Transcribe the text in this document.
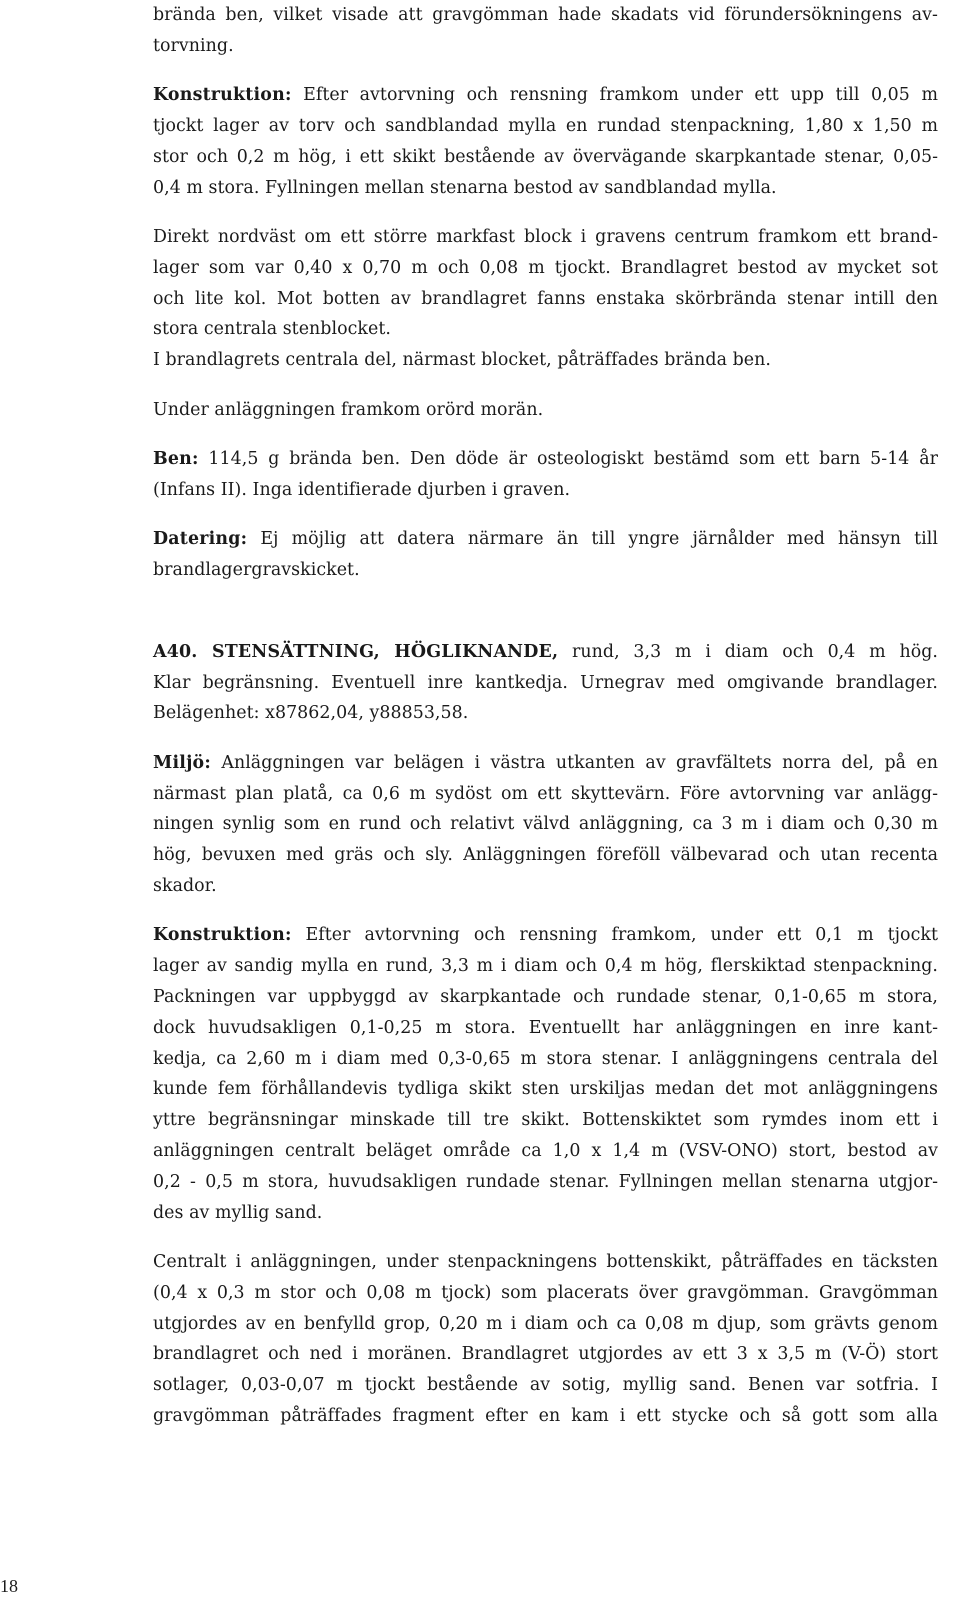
brända ben, vilket visade att gravgömman hade skadats vid förundersökningens av-
torvning.
Konstruktion: Efter avtorvning och rensning framkom under ett upp till 0,05 m
tjockt lager av torv och sandblandad mylla en rundad stenpackning, 1,80 x 1,50 m
stor och 0,2 m hög, i ett skikt bestående av övervägande skarpkantade stenar, 0,05-
0,4 m stora. Fyllningen mellan stenarna bestod av sandblandad mylla.
Direkt nordväst om ett större markfast block i gravens centrum framkom ett brand-
lager som var 0,40 x 0,70 m och 0,08 m tjockt. Brandlagret bestod av mycket sot
och lite kol. Mot botten av brandlagret fanns enstaka skörbrända stenar intill den
stora centrala stenblocket.
I brandlagrets centrala del, närmast blocket, påträffades brända ben.
Under anläggningen framkom orörd morän.
Ben: 114,5 g brända ben. Den döde är osteologiskt bestämd som ett barn 5-14 år
(Infans II). Inga identifierade djurben i graven.
Datering: Ej möjlig att datera närmare än till yngre järnålder med hänsyn till
brandlagergravskicket.
A40. STENSÄTTNING, HÖGLIKNANDE, rund, 3,3 m i diam och 0,4 m hög.
Klar begränsning. Eventuell inre kantkedja. Urnegrav med omgivande brandlager.
Belägenhet: x87862,04, y88853,58.
Miljö: Anläggningen var belägen i västra utkanten av gravfältets norra del, på en
närmast plan platå, ca 0,6 m sydöst om ett skyttevärn. Före avtorvning var anlägg-
ningen synlig som en rund och relativt välvd anläggning, ca 3 m i diam och 0,30 m
hög, bevuxen med gräs och sly. Anläggningen föreföll välbevarad och utan recenta
skador.
Konstruktion: Efter avtorvning och rensning framkom, under ett 0,1 m tjockt
lager av sandig mylla en rund, 3,3 m i diam och 0,4 m hög, flerskiktad stenpackning.
Packningen var uppbyggd av skarpkantade och rundade stenar, 0,1-0,65 m stora,
dock huvudsakligen 0,1-0,25 m stora. Eventuellt har anläggningen en inre kant-
kedja, ca 2,60 m i diam med 0,3-0,65 m stora stenar. I anläggningens centrala del
kunde fem förhållandevis tydliga skikt sten urskiljas medan det mot anläggningens
yttre begränsningar minskade till tre skikt. Bottenskiktet som rymdes inom ett i
anläggningen centralt beläget område ca 1,0 x 1,4 m (VSV-ONO) stort, bestod av
0,2 - 0,5 m stora, huvudsakligen rundade stenar. Fyllningen mellan stenarna utgjor-
des av myllig sand.
Centralt i anläggningen, under stenpackningens bottenskikt, påträffades en täcksten
(0,4 x 0,3 m stor och 0,08 m tjock) som placerats över gravgömman. Gravgömman
utgjordes av en benfylld grop, 0,20 m i diam och ca 0,08 m djup, som grävts genom
brandlagret och ned i moränen. Brandlagret utgjordes av ett 3 x 3,5 m (V-Ö) stort
sotlager, 0,03-0,07 m tjockt bestående av sotig, myllig sand. Benen var sotfria. I
gravgömman påträffades fragment efter en kam i ett stycke och så gott som alla
18
